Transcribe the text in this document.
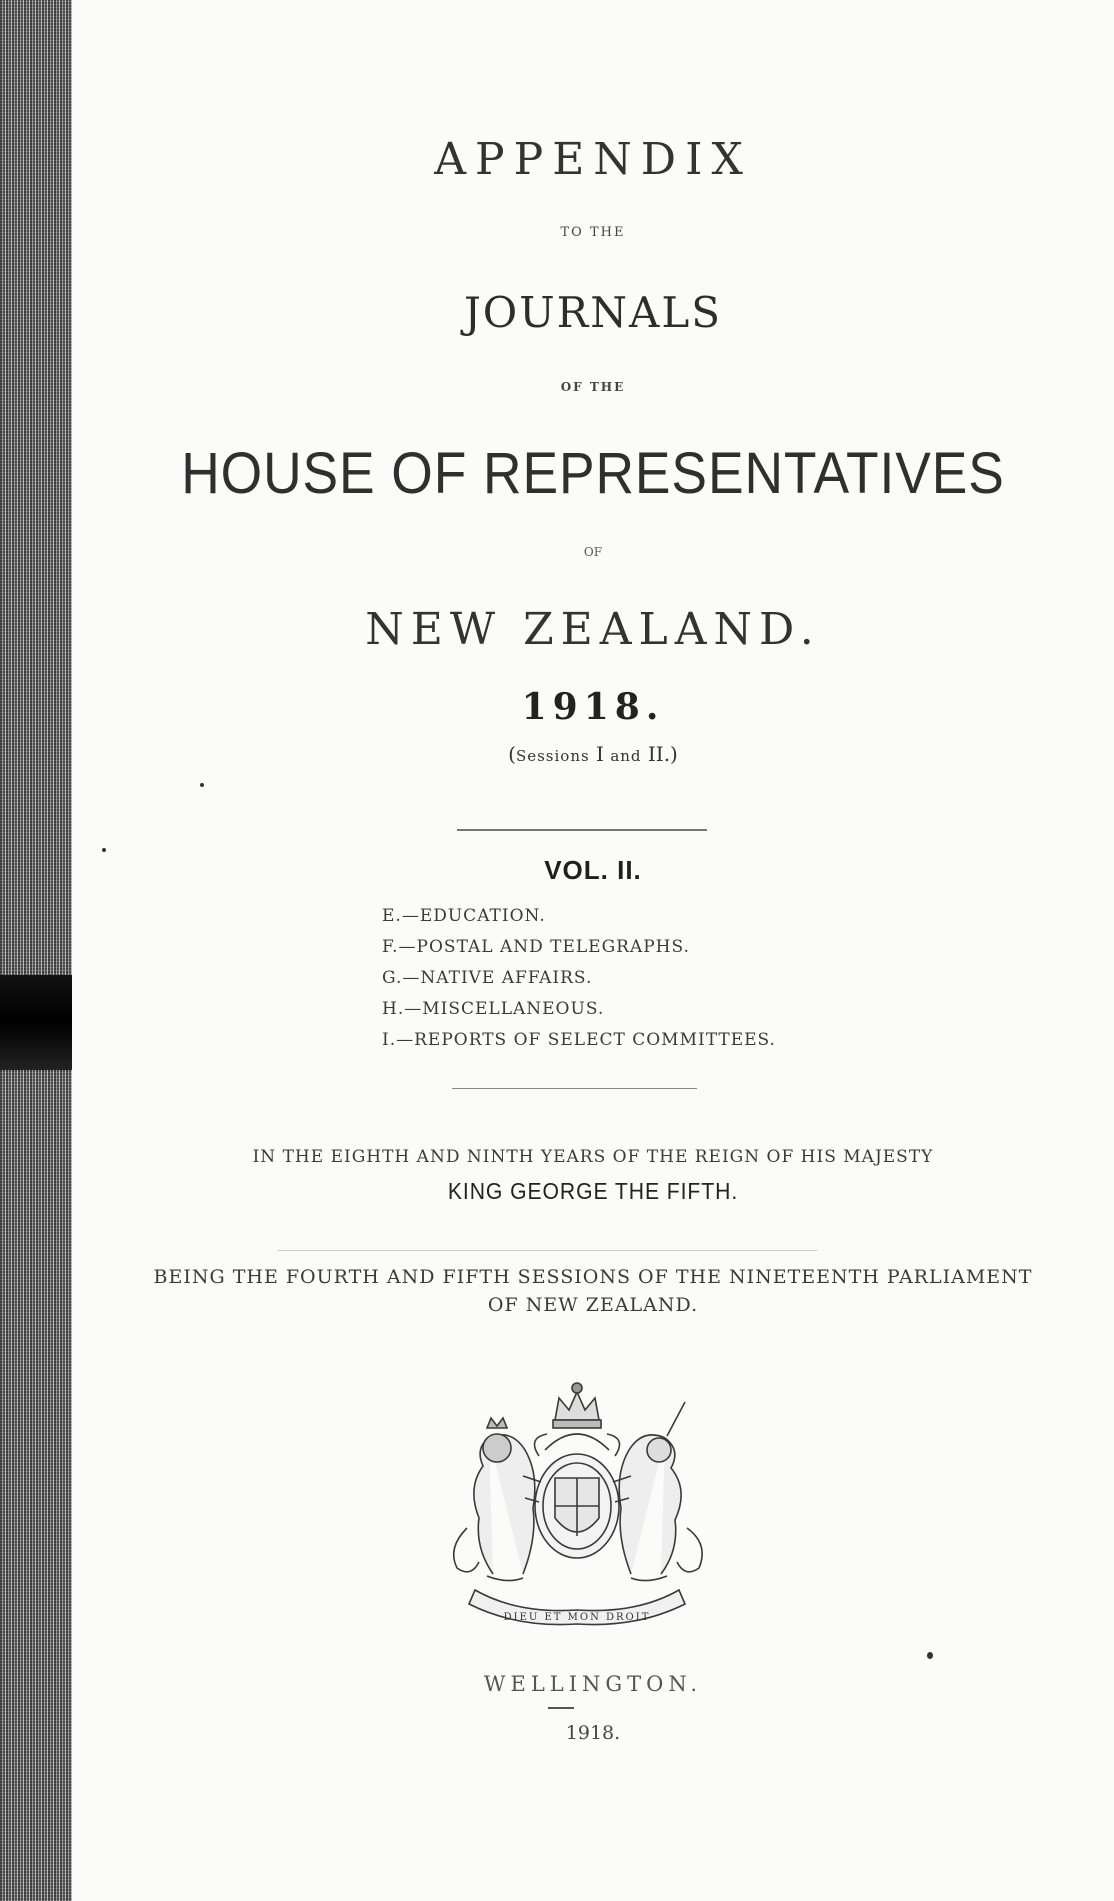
APPENDIX
TO THE
JOURNALS
OF THE
HOUSE OF REPRESENTATIVES
OF
NEW ZEALAND.
1918.
(Sessions I and II.)
VOL. II.
E.—EDUCATION.
F.—POSTAL AND TELEGRAPHS.
G.—NATIVE AFFAIRS.
H.—MISCELLANEOUS.
I.—REPORTS OF SELECT COMMITTEES.
IN THE EIGHTH AND NINTH YEARS OF THE REIGN OF HIS MAJESTY
KING GEORGE THE FIFTH.
BEING THE FOURTH AND FIFTH SESSIONS OF THE NINETEENTH PARLIAMENT
OF NEW ZEALAND.
DIEU ET MON DROIT
WELLINGTON.
1918.
